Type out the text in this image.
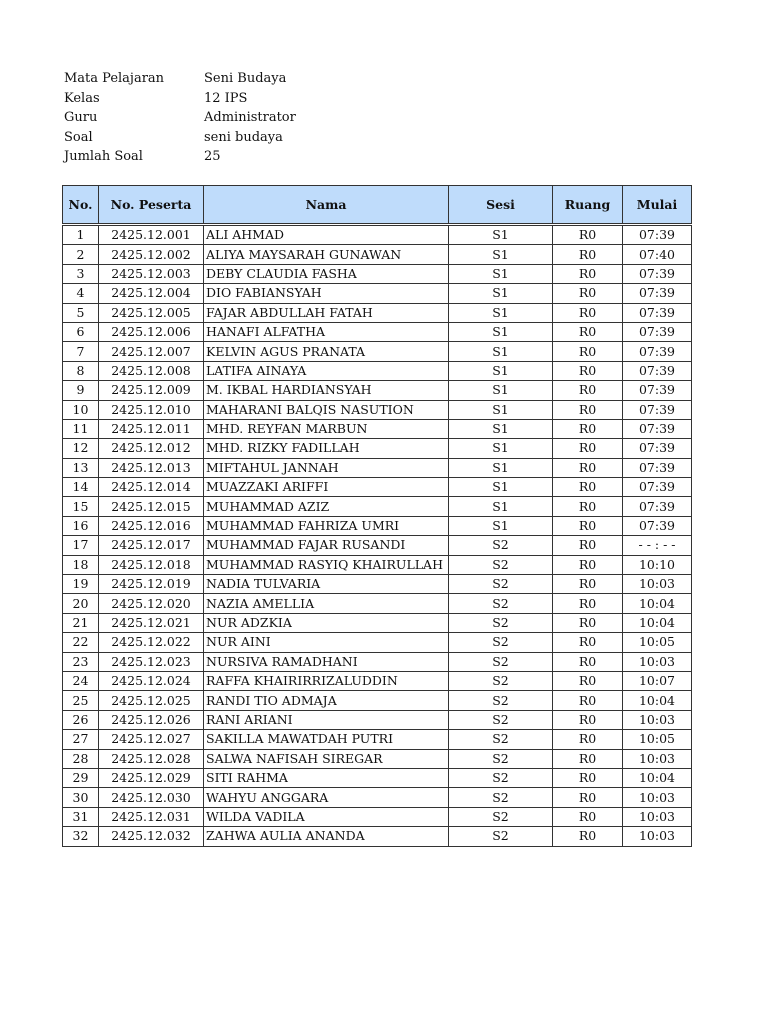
Mata Pelajaran	Seni Budaya
Kelas	12 IPS
Guru	Administrator
Soal	seni budaya
Jumlah Soal	25
No.	No. Peserta	Nama	Sesi	Ruang	Mulai

1	2425.12.001	ALI AHMAD	S1	R0	07:39
2	2425.12.002	ALIYA MAYSARAH GUNAWAN	S1	R0	07:40
3	2425.12.003	DEBY CLAUDIA FASHA	S1	R0	07:39
4	2425.12.004	DIO FABIANSYAH	S1	R0	07:39
5	2425.12.005	FAJAR ABDULLAH FATAH	S1	R0	07:39
6	2425.12.006	HANAFI ALFATHA	S1	R0	07:39
7	2425.12.007	KELVIN AGUS PRANATA	S1	R0	07:39
8	2425.12.008	LATIFA AINAYA	S1	R0	07:39
9	2425.12.009	M. IKBAL HARDIANSYAH	S1	R0	07:39
10	2425.12.010	MAHARANI BALQIS NASUTION	S1	R0	07:39
11	2425.12.011	MHD. REYFAN MARBUN	S1	R0	07:39
12	2425.12.012	MHD. RIZKY FADILLAH	S1	R0	07:39
13	2425.12.013	MIFTAHUL JANNAH	S1	R0	07:39
14	2425.12.014	MUAZZAKI ARIFFI	S1	R0	07:39
15	2425.12.015	MUHAMMAD AZIZ	S1	R0	07:39
16	2425.12.016	MUHAMMAD FAHRIZA UMRI	S1	R0	07:39
17	2425.12.017	MUHAMMAD FAJAR RUSANDI	S2	R0	- - : - -
18	2425.12.018	MUHAMMAD RASYIQ KHAIRULLAH	S2	R0	10:10
19	2425.12.019	NADIA TULVARIA	S2	R0	10:03
20	2425.12.020	NAZIA AMELLIA	S2	R0	10:04
21	2425.12.021	NUR ADZKIA	S2	R0	10:04
22	2425.12.022	NUR AINI	S2	R0	10:05
23	2425.12.023	NURSIVA RAMADHANI	S2	R0	10:03
24	2425.12.024	RAFFA KHAIRIRRIZALUDDIN	S2	R0	10:07
25	2425.12.025	RANDI TIO ADMAJA	S2	R0	10:04
26	2425.12.026	RANI ARIANI	S2	R0	10:03
27	2425.12.027	SAKILLA MAWATDAH PUTRI	S2	R0	10:05
28	2425.12.028	SALWA NAFISAH SIREGAR	S2	R0	10:03
29	2425.12.029	SITI RAHMA	S2	R0	10:04
30	2425.12.030	WAHYU ANGGARA	S2	R0	10:03
31	2425.12.031	WILDA VADILA	S2	R0	10:03
32	2425.12.032	ZAHWA AULIA ANANDA	S2	R0	10:03
